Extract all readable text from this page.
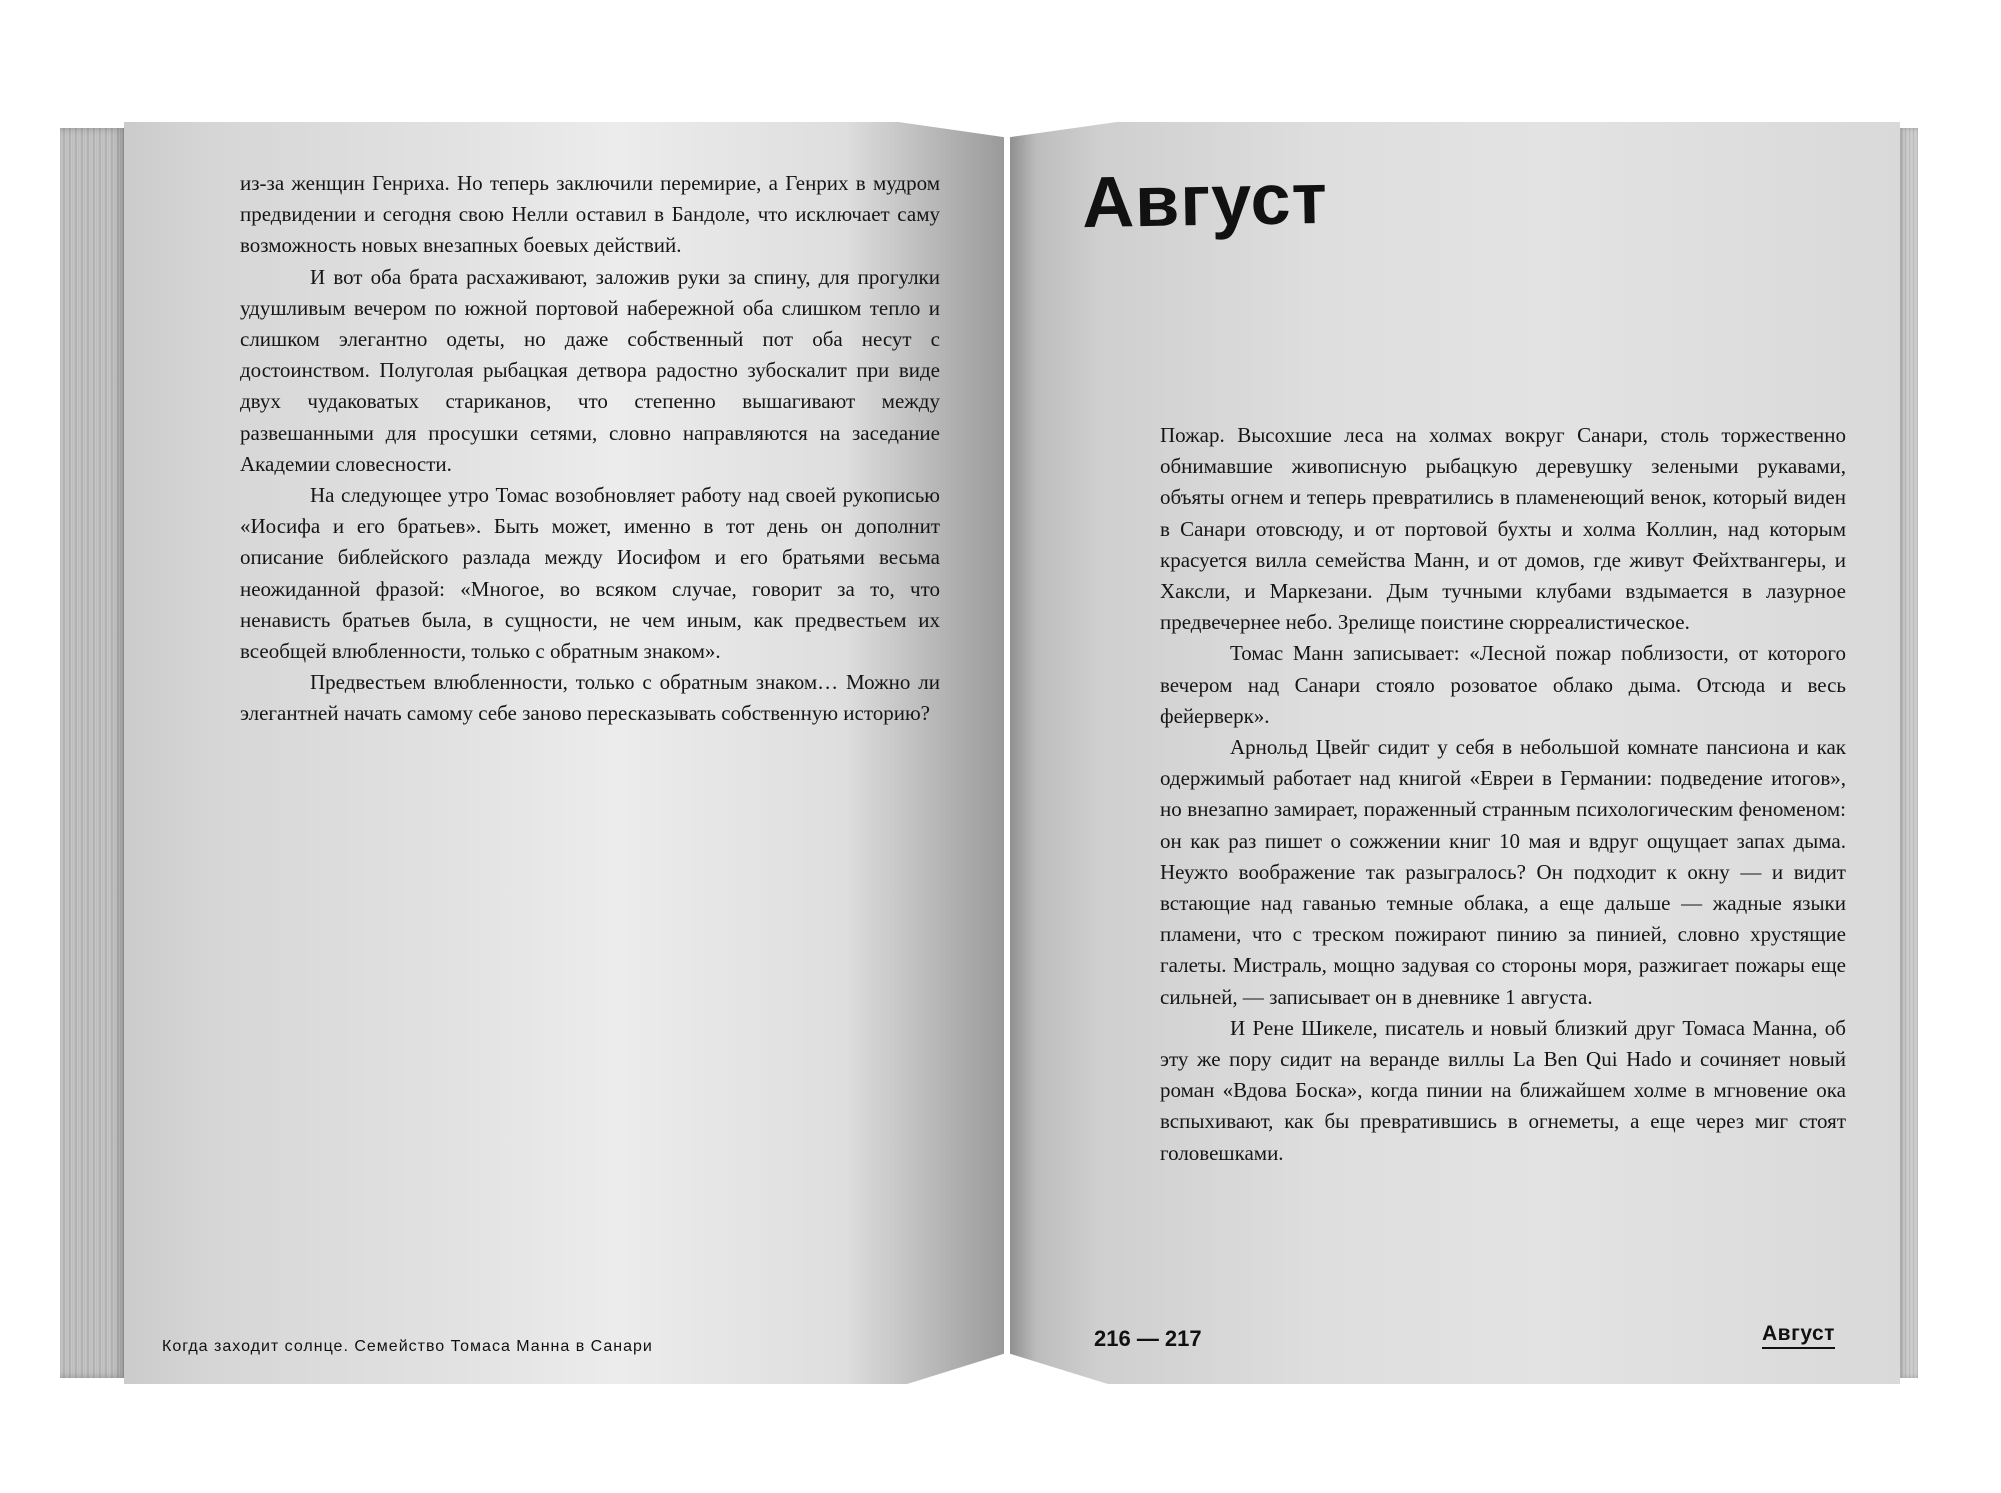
из-за женщин Генриха. Но теперь заключили перемирие, а Генрих в мудром предвидении и сегодня свою Нелли оставил в Бандоле, что исключает саму возможность новых внезапных боевых действий.

И вот оба брата расхаживают, заложив руки за спину, для прогулки удушливым вечером по южной портовой набережной оба слишком тепло и слишком элегантно одеты, но даже собственный пот оба несут с достоинством. Полуголая рыбацкая детвора радостно зубоскалит при виде двух чудаковатых стариканов, что степенно вышагивают между развешанными для просушки сетями, словно направляются на заседание Академии словесности.

На следующее утро Томас возобновляет работу над своей рукописью «Иосифа и его братьев». Быть может, именно в тот день он дополнит описание библейского разлада между Иосифом и его братьями весьма неожиданной фразой: «Многое, во всяком случае, говорит за то, что ненависть братьев была, в сущности, не чем иным, как предвестьем их всеобщей влюбленности, только с обратным знаком».

Предвестьем влюбленности, только с обратным знаком… Можно ли элегантней начать самому себе заново пересказывать собственную историю?

Август

Пожар. Высохшие леса на холмах вокруг Санари, столь торжественно обнимавшие живописную рыбацкую деревушку зелеными рукавами, объяты огнем и теперь превратились в пламенеющий венок, который виден в Санари отовсюду, и от портовой бухты и холма Коллин, над которым красуется вилла семейства Манн, и от домов, где живут Фейхтвангеры, и Хаксли, и Маркезани. Дым тучными клубами вздымается в лазурное предвечернее небо. Зрелище поистине сюрреалистическое.

Томас Манн записывает: «Лесной пожар поблизости, от которого вечером над Санари стояло розоватое облако дыма. Отсюда и весь фейерверк».

Арнольд Цвейг сидит у себя в небольшой комнате пансиона и как одержимый работает над книгой «Евреи в Германии: подведение итогов», но внезапно замирает, пораженный странным психологическим феноменом: он как раз пишет о сожжении книг 10 мая и вдруг ощущает запах дыма. Неужто воображение так разыгралось? Он подходит к окну — и видит встающие над гаванью темные облака, а еще дальше — жадные языки пламени, что с треском пожирают пинию за пинией, словно хрустящие галеты. Мистраль, мощно задувая со стороны моря, разжигает пожары еще сильней, — записывает он в дневнике 1 августа.

И Рене Шикеле, писатель и новый близкий друг Томаса Манна, об эту же пору сидит на веранде виллы La Ben Qui Hado и сочиняет новый роман «Вдова Боска», когда пинии на ближайшем холме в мгновение ока вспыхивают, как бы превратившись в огнеметы, а еще через миг стоят головешками.

Когда заходит солнце. Семейство Томаса Манна в Санари	216 — 217	Август
